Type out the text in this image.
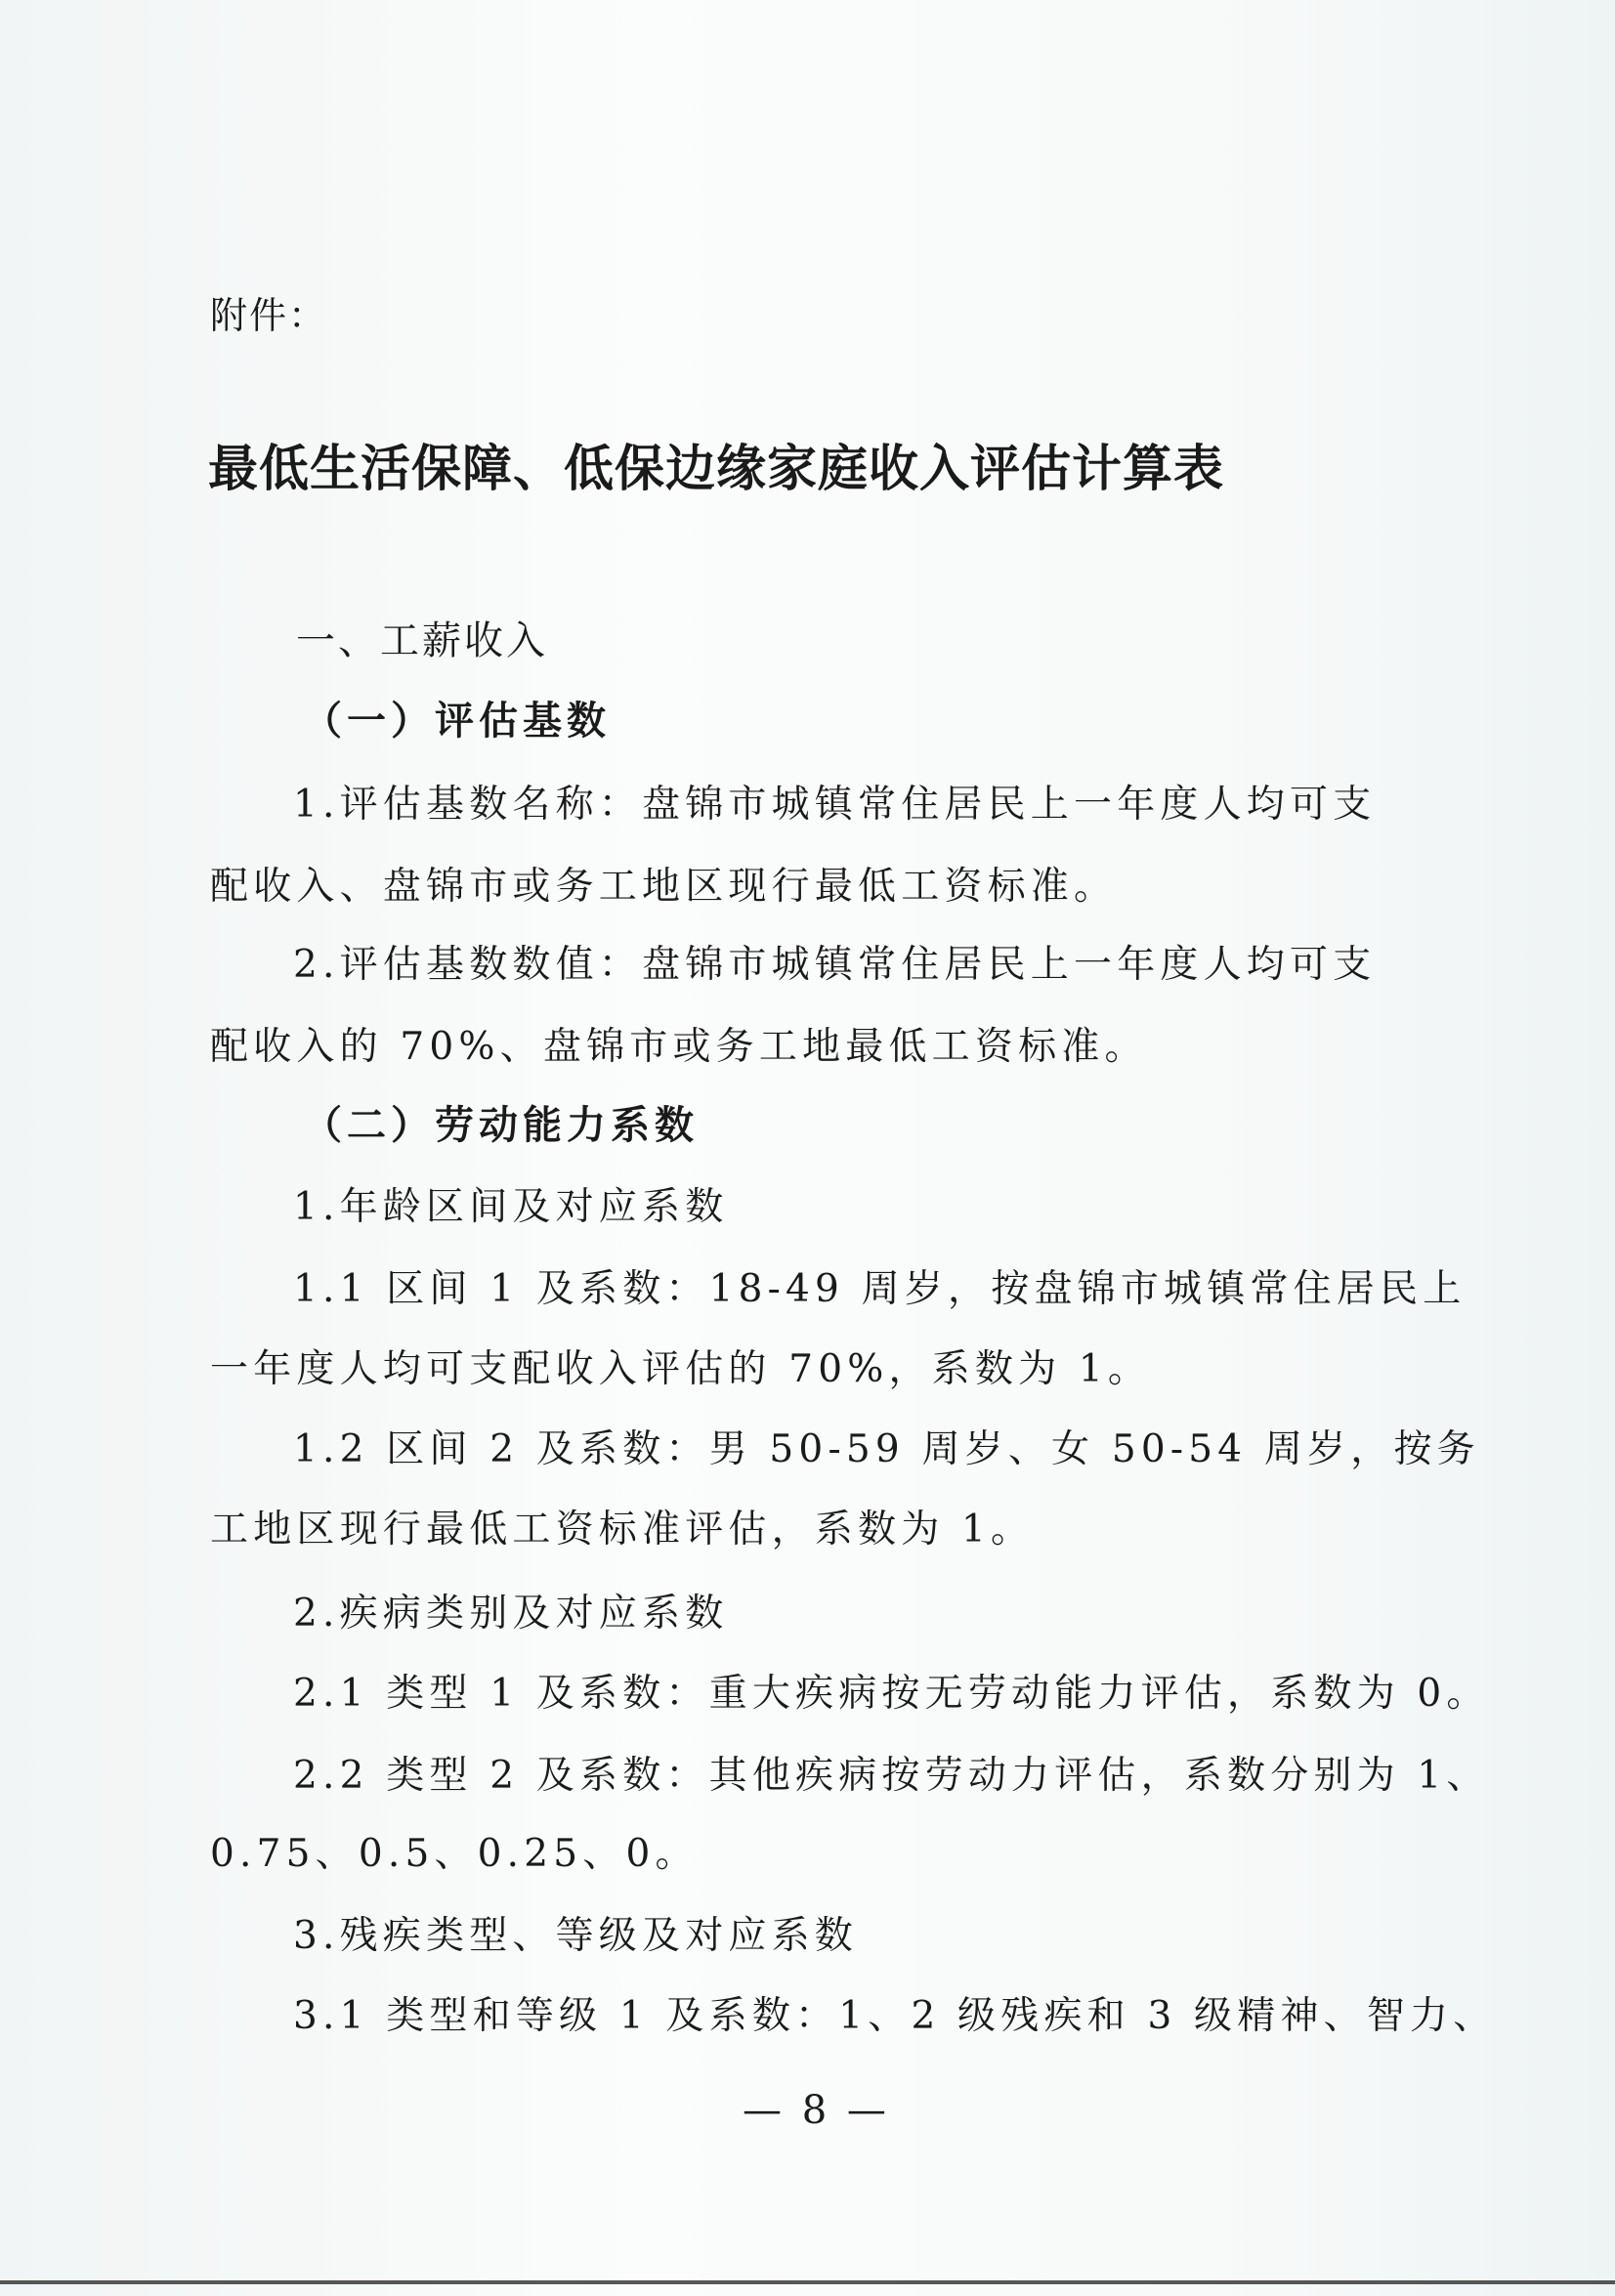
附件：
最低生活保障、低保边缘家庭收入评估计算表
一、工薪收入
（一）评估基数
1.评估基数名称：盘锦市城镇常住居民上一年度人均可支
配收入、盘锦市或务工地区现行最低工资标准。
2.评估基数数值：盘锦市城镇常住居民上一年度人均可支
配收入的 70%、盘锦市或务工地最低工资标准。
（二）劳动能力系数
1.年龄区间及对应系数
1.1 区间 1 及系数：18-49 周岁，按盘锦市城镇常住居民上
一年度人均可支配收入评估的 70%，系数为 1。
1.2 区间 2 及系数：男 50-59 周岁、女 50-54 周岁，按务
工地区现行最低工资标准评估，系数为 1。
2.疾病类别及对应系数
2.1 类型 1 及系数：重大疾病按无劳动能力评估，系数为 0。
2.2 类型 2 及系数：其他疾病按劳动力评估，系数分别为 1、
0.75、0.5、0.25、0。
3.残疾类型、等级及对应系数
3.1 类型和等级 1 及系数：1、2 级残疾和 3 级精神、智力、
— 8 —
